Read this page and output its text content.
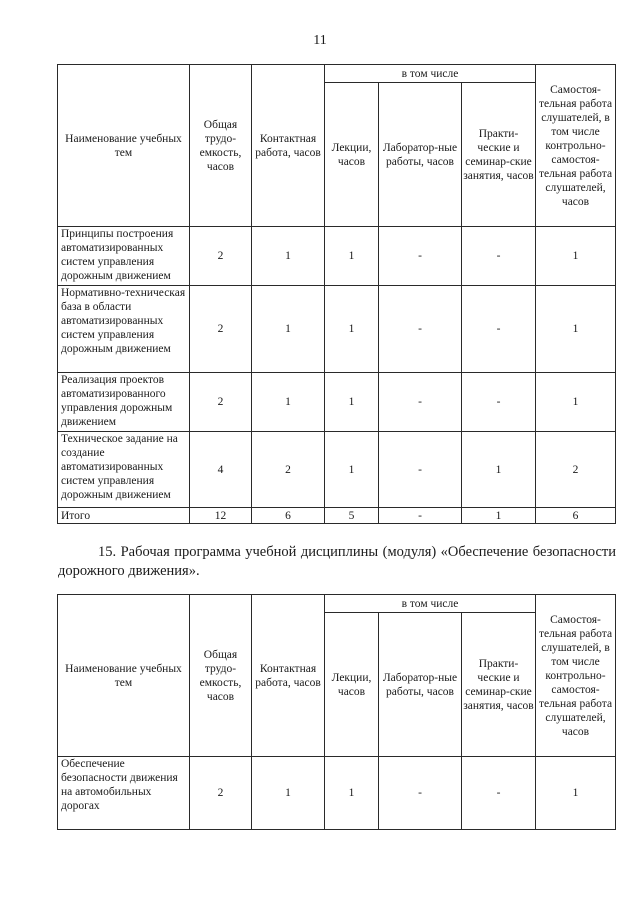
11
Наименование учебных тем	Общая трудо-емкость, часов	Контактная работа, часов	в том числе			Самостоя-тельная работа слушателей, в том числе контрольно-самостоя-тельная работа слушателей, часов
			Лекции, часов	Лаборатор-ные работы, часов	Практи-ческие и семинар-ские занятия, часов	
Принципы построения автоматизированных систем управления дорожным движением	2	1	1	-	-	1
Нормативно-техническая база в области автоматизированных систем управления дорожным движением	2	1	1	-	-	1
Реализация проектов автоматизированного управления дорожным движением	2	1	1	-	-	1
Техническое задание на создание автоматизированных систем управления дорожным движением	4	2	1	-	1	2
Итого	12	6	5	-	1	6
15. Рабочая программа учебной дисциплины (модуля) «Обеспечение безопасности дорожного движения».
Наименование учебных тем	Общая трудо-емкость, часов	Контактная работа, часов	в том числе			Самостоя-тельная работа слушателей, в том числе контрольно-самостоя-тельная работа слушателей, часов
			Лекции, часов	Лаборатор-ные работы, часов	Практи-ческие и семинар-ские занятия, часов	
Обеспечение безопасности движения на автомобильных дорогах	2	1	1	-	-	1
